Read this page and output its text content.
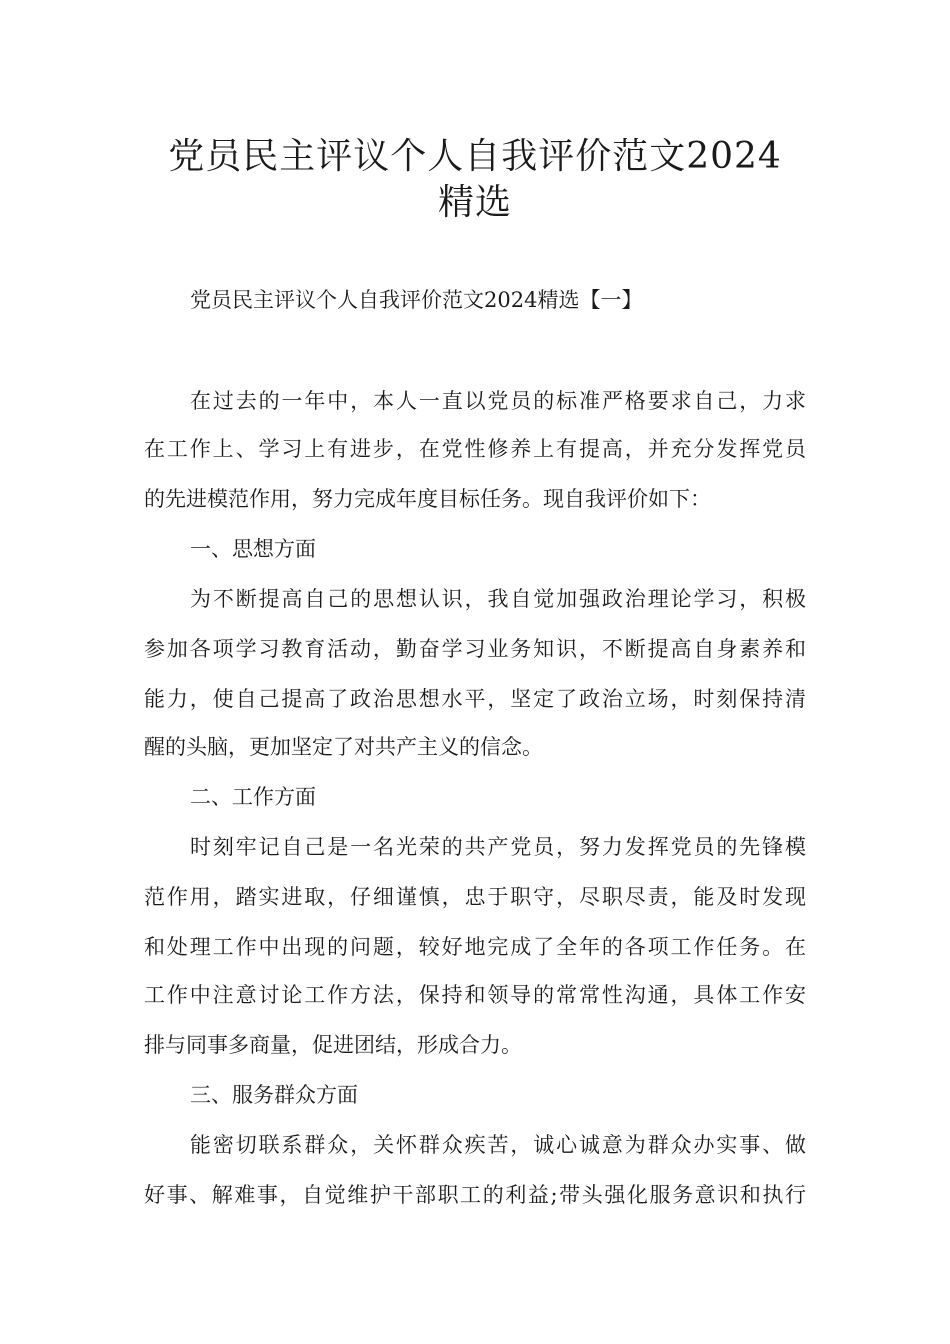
党员民主评议个人自我评价范文2024
精选
党员民主评议个人自我评价范文2024精选【一】
在过去的一年中，本人一直以党员的标准严格要求自己，力求
在工作上、学习上有进步，在党性修养上有提高，并充分发挥党员
的先进模范作用，努力完成年度目标任务。现自我评价如下：
一、思想方面
为不断提高自己的思想认识，我自觉加强政治理论学习，积极
参加各项学习教育活动，勤奋学习业务知识，不断提高自身素养和
能力，使自己提高了政治思想水平，坚定了政治立场，时刻保持清
醒的头脑，更加坚定了对共产主义的信念。
二、工作方面
时刻牢记自己是一名光荣的共产党员，努力发挥党员的先锋模
范作用，踏实进取，仔细谨慎，忠于职守，尽职尽责，能及时发现
和处理工作中出现的问题，较好地完成了全年的各项工作任务。在
工作中注意讨论工作方法，保持和领导的常常性沟通，具体工作安
排与同事多商量，促进团结，形成合力。
三、服务群众方面
能密切联系群众，关怀群众疾苦，诚心诚意为群众办实事、做
好事、解难事，自觉维护干部职工的利益;带头强化服务意识和执行
